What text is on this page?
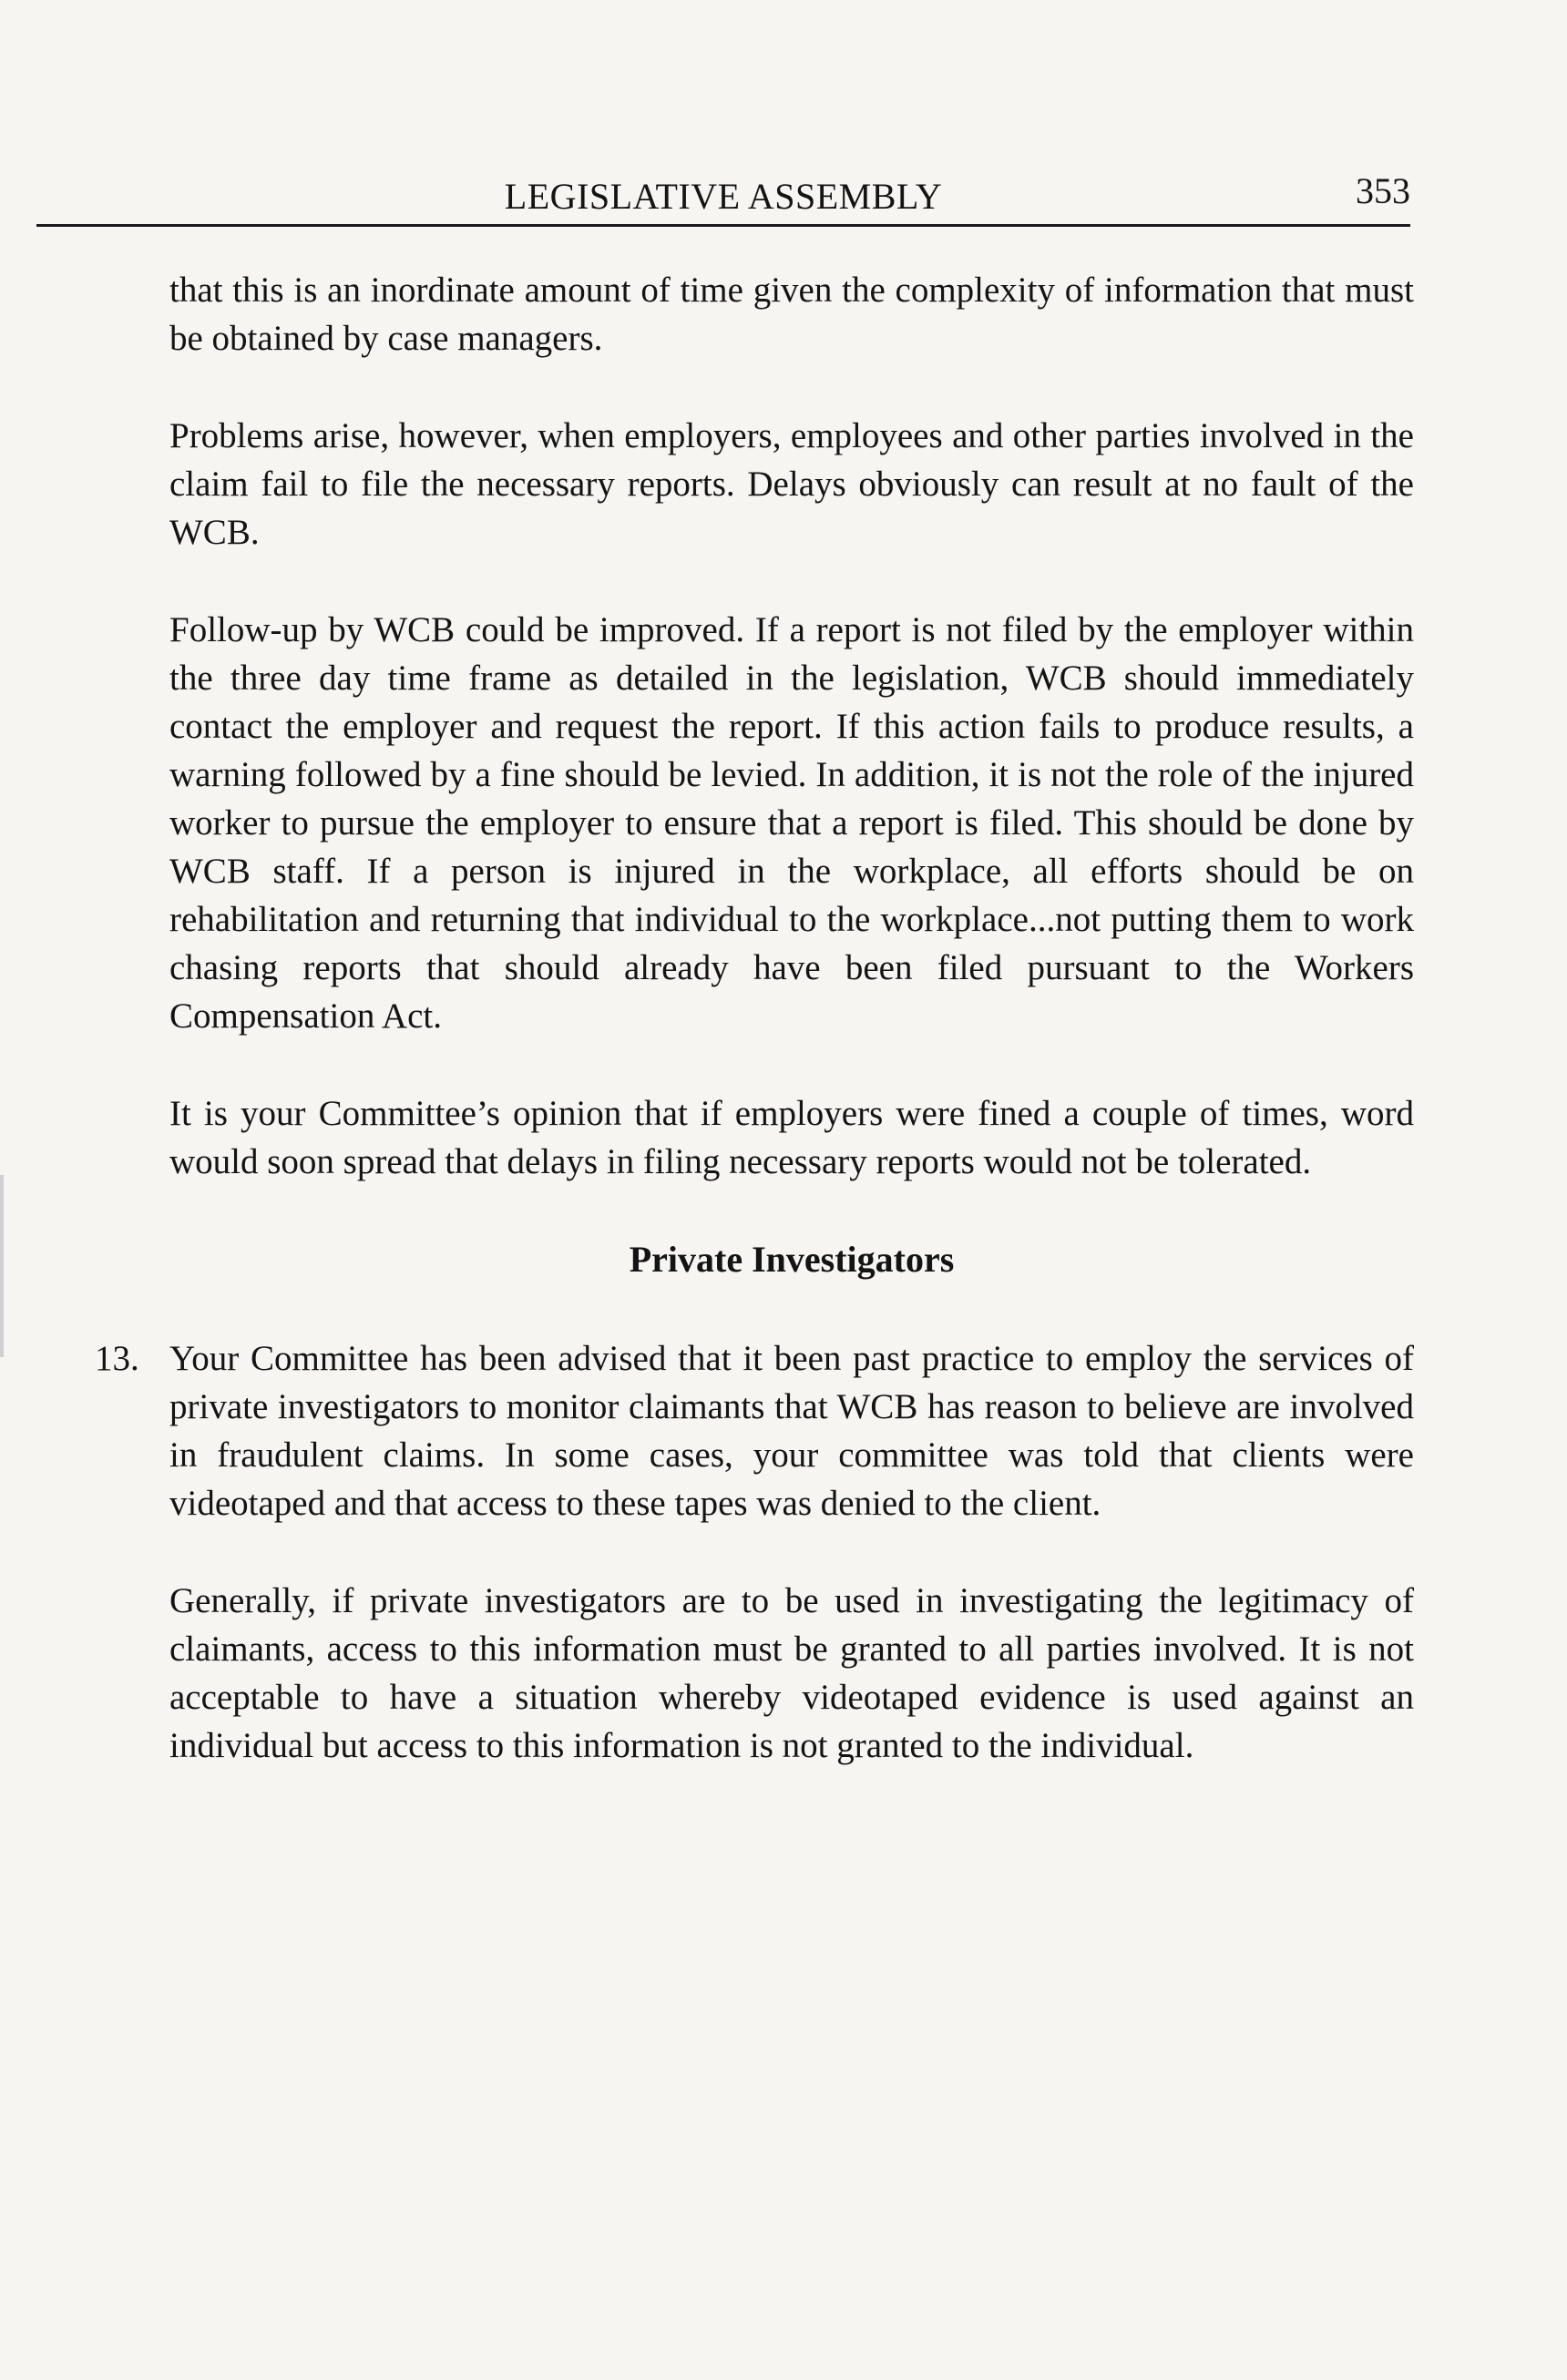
LEGISLATIVE ASSEMBLY	353

that this is an inordinate amount of time given the complexity of information that must be obtained by case managers.

Problems arise, however, when employers, employees and other parties involved in the claim fail to file the necessary reports. Delays obviously can result at no fault of the WCB.

Follow-up by WCB could be improved. If a report is not filed by the employer within the three day time frame as detailed in the legislation, WCB should immediately contact the employer and request the report. If this action fails to produce results, a warning followed by a fine should be levied. In addition, it is not the role of the injured worker to pursue the employer to ensure that a report is filed. This should be done by WCB staff. If a person is injured in the workplace, all efforts should be on rehabilitation and returning that individual to the workplace...not putting them to work chasing reports that should already have been filed pursuant to the Workers Compensation Act.

It is your Committee’s opinion that if employers were fined a couple of times, word would soon spread that delays in filing necessary reports would not be tolerated.

Private Investigators
13. Your Committee has been advised that it been past practice to employ the services of private investigators to monitor claimants that WCB has reason to believe are involved in fraudulent claims. In some cases, your committee was told that clients were videotaped and that access to these tapes was denied to the client.

Generally, if private investigators are to be used in investigating the legitimacy of claimants, access to this information must be granted to all parties involved. It is not acceptable to have a situation whereby videotaped evidence is used against an individual but access to this information is not granted to the individual.
